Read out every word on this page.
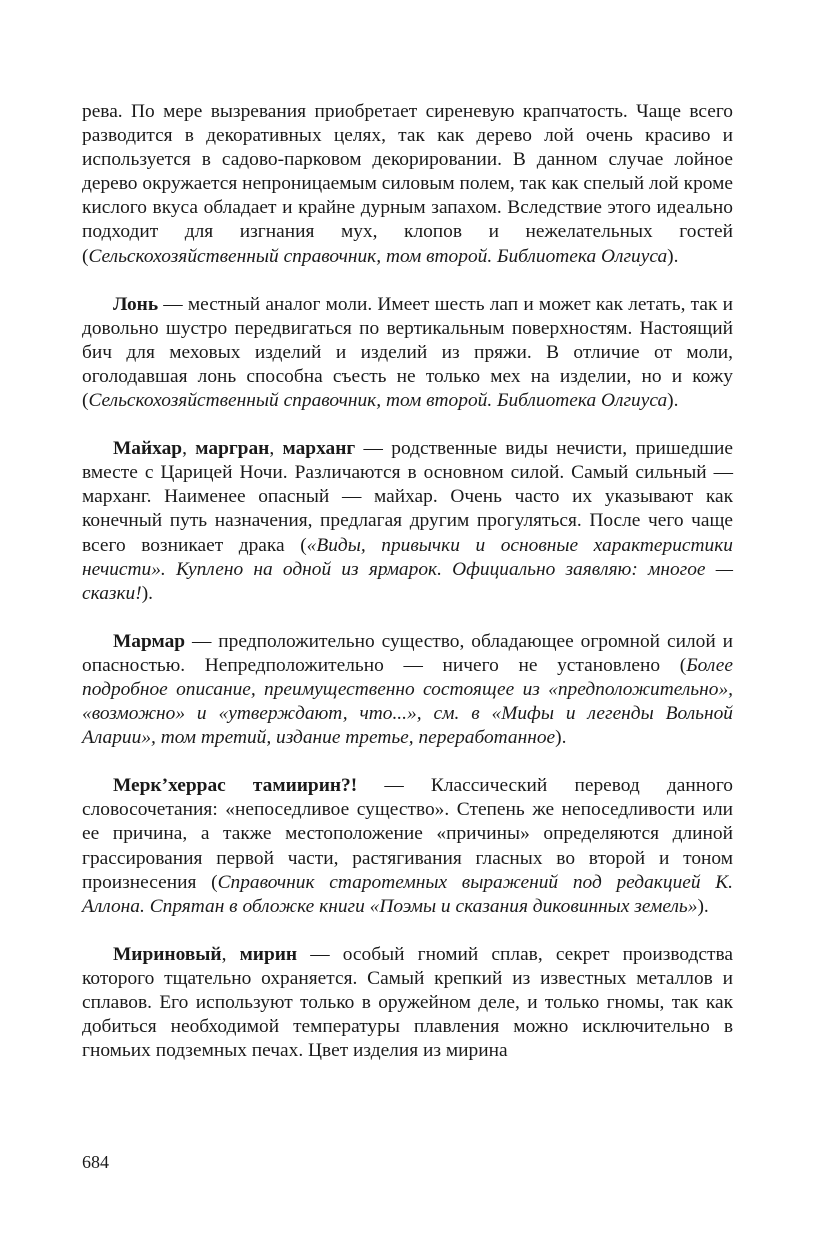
рева. По мере вызревания приобретает сиреневую крапчатость. Чаще всего разводится в декоративных целях, так как дерево лой очень красиво и используется в садово-парковом декорировании. В данном случае лойное дерево окружается непроницаемым силовым полем, так как спелый лой кроме кислого вкуса обладает и крайне дурным запахом. Вследствие этого идеально подходит для изгнания мух, клопов и нежелательных гостей (Сельскохозяйственный справочник, том второй. Библиотека Олгиуса).

Лонь — местный аналог моли. Имеет шесть лап и может как летать, так и довольно шустро передвигаться по вертикальным поверхностям. Настоящий бич для меховых изделий и изделий из пряжи. В отличие от моли, оголодавшая лонь способна съесть не только мех на изделии, но и кожу (Сельскохозяйственный справочник, том второй. Библиотека Олгиуса).

Майхар, маргран, марханг — родственные виды нечисти, пришедшие вместе с Царицей Ночи. Различаются в основном силой. Самый сильный — марханг. Наименее опасный — майхар. Очень часто их указывают как конечный путь назначения, предлагая другим прогуляться. После чего чаще всего возникает драка («Виды, привычки и основные характеристики нечисти». Куплено на одной из ярмарок. Официально заявляю: многое — сказки!).

Мармар — предположительно существо, обладающее огромной силой и опасностью. Непредположительно — ничего не установлено (Более подробное описание, преимущественно состоящее из «предположительно», «возможно» и «утверждают, что...», см. в «Мифы и легенды Вольной Аларии», том третий, издание третье, переработанное).

Мерк’херрас тамиирин?! — Классический перевод данного словосочетания: «непоседливое существо». Степень же непоседливости или ее причина, а также местоположение «причины» определяются длиной грассирования первой части, растягивания гласных во второй и тоном произнесения (Справочник старотемных выражений под редакцией К. Аллона. Спрятан в обложке книги «Поэмы и сказания диковинных земель»).

Мириновый, мирин — особый гномий сплав, секрет производства которого тщательно охраняется. Самый крепкий из известных металлов и сплавов. Его используют только в оружейном деле, и только гномы, так как добиться необходимой температуры плавления можно исключительно в гномьих подземных печах. Цвет изделия из мирина

684
